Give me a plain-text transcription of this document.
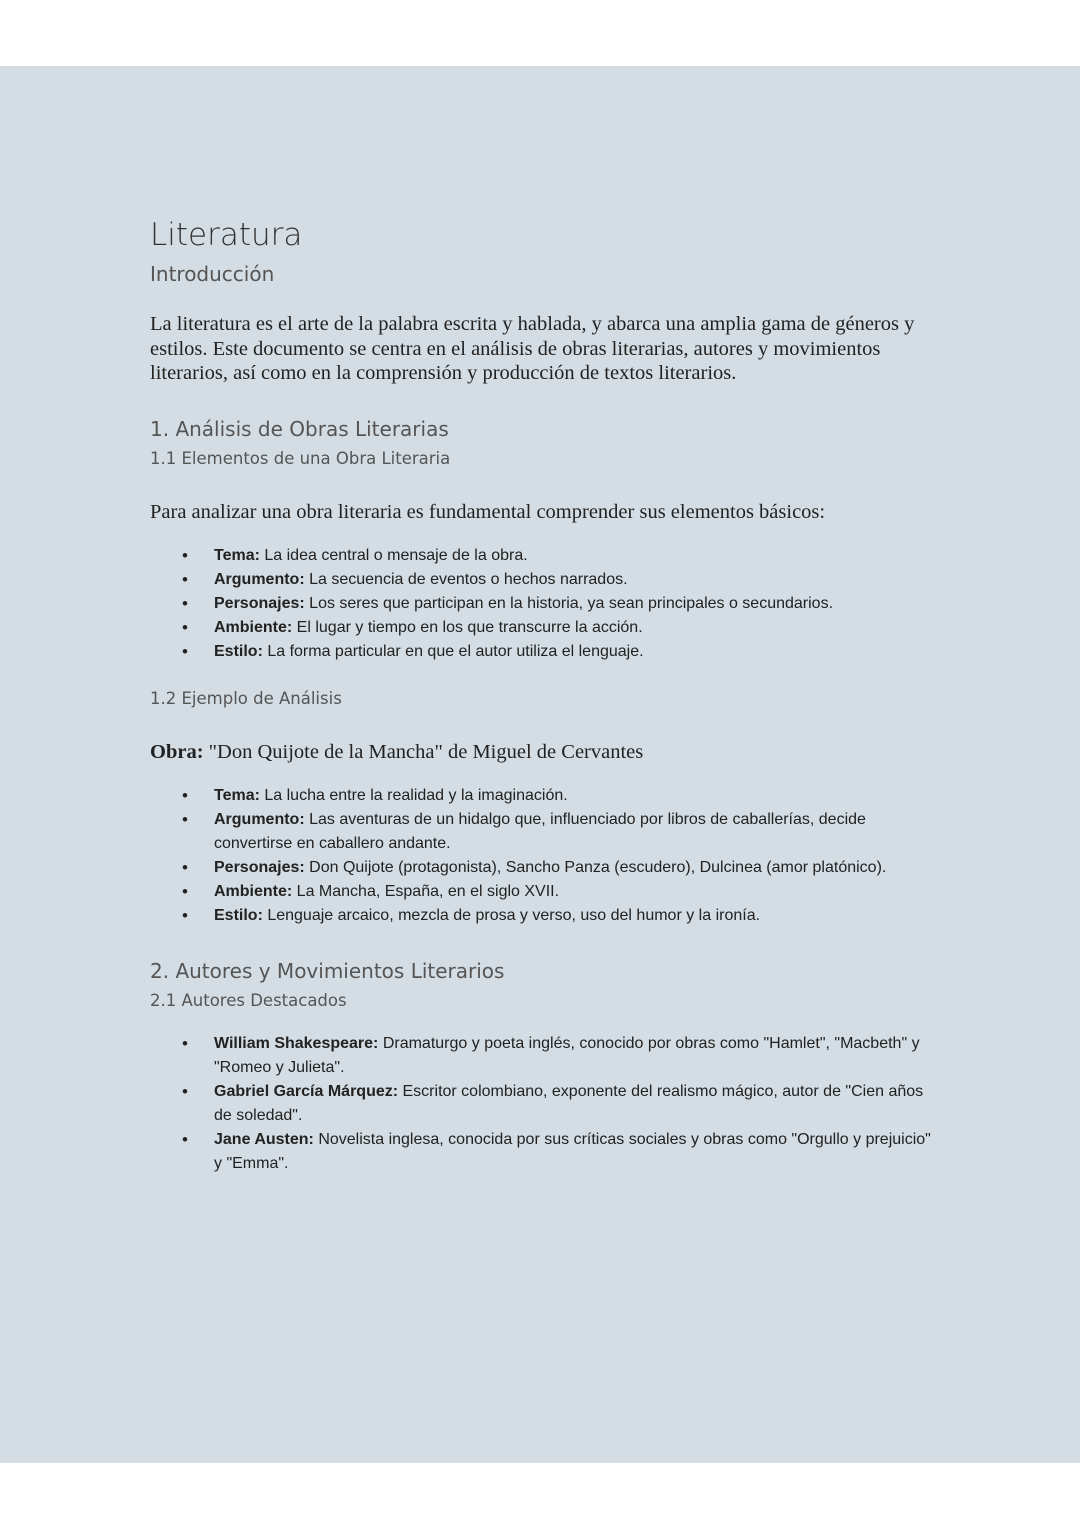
Literatura
Introducción

La literatura es el arte de la palabra escrita y hablada, y abarca una amplia gama de géneros y estilos. Este documento se centra en el análisis de obras literarias, autores y movimientos literarios, así como en la comprensión y producción de textos literarios.

1. Análisis de Obras Literarias
1.1 Elementos de una Obra Literaria

Para analizar una obra literaria es fundamental comprender sus elementos básicos:

• Tema: La idea central o mensaje de la obra.
• Argumento: La secuencia de eventos o hechos narrados.
• Personajes: Los seres que participan en la historia, ya sean principales o secundarios.
• Ambiente: El lugar y tiempo en los que transcurre la acción.
• Estilo: La forma particular en que el autor utiliza el lenguaje.
1.2 Ejemplo de Análisis

Obra: "Don Quijote de la Mancha" de Miguel de Cervantes

• Tema: La lucha entre la realidad y la imaginación.
• Argumento: Las aventuras de un hidalgo que, influenciado por libros de caballerías, decide convertirse en caballero andante.
• Personajes: Don Quijote (protagonista), Sancho Panza (escudero), Dulcinea (amor platónico).
• Ambiente: La Mancha, España, en el siglo XVII.
• Estilo: Lenguaje arcaico, mezcla de prosa y verso, uso del humor y la ironía.
2. Autores y Movimientos Literarios
2.1 Autores Destacados
• William Shakespeare: Dramaturgo y poeta inglés, conocido por obras como "Hamlet", "Macbeth" y "Romeo y Julieta".
• Gabriel García Márquez: Escritor colombiano, exponente del realismo mágico, autor de "Cien años de soledad".
• Jane Austen: Novelista inglesa, conocida por sus críticas sociales y obras como "Orgullo y prejuicio" y "Emma".
